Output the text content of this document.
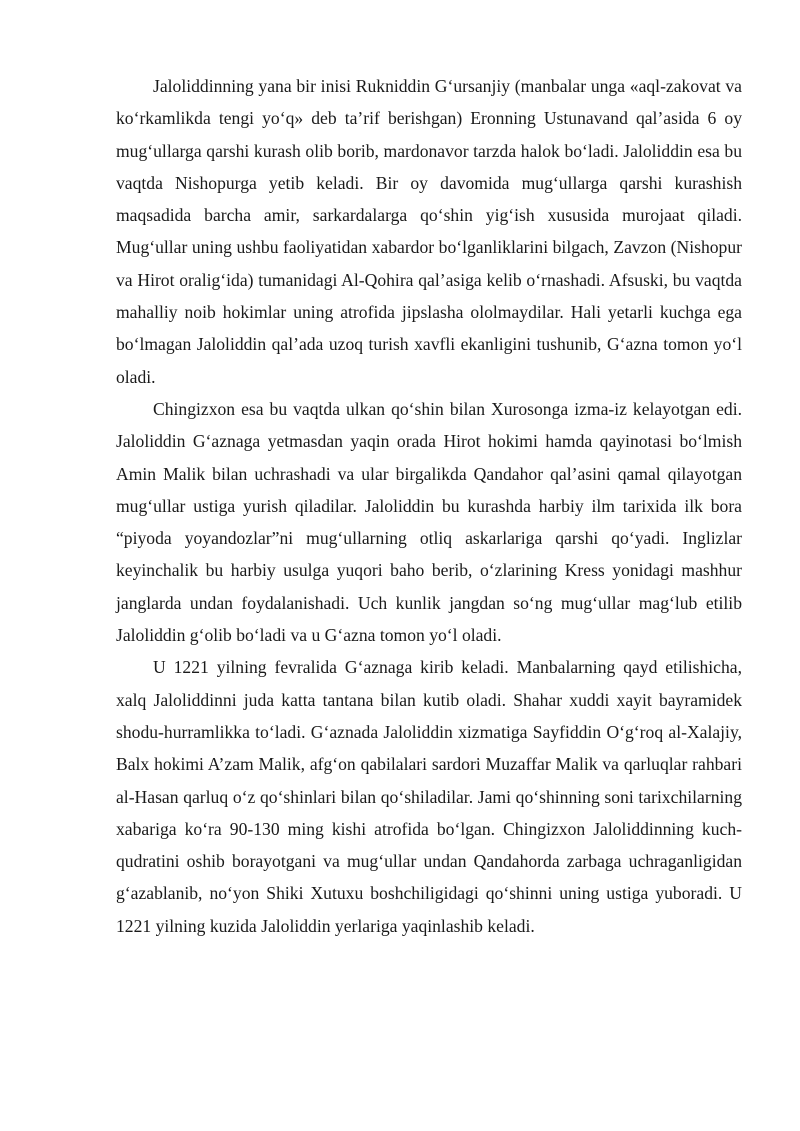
Jaloliddinning yana bir inisi Rukniddin G‘ursanjiy (manbalar unga «aql-zakovat va ko‘rkamlikda tengi yo‘q» deb ta’rif berishgan) Eronning Ustunavand qal’asida 6 oy mug‘ullarga qarshi kurash olib borib, mardonavor tarzda halok bo‘ladi. Jaloliddin esa bu vaqtda Nishopurga yetib keladi. Bir oy davomida mug‘ullarga qarshi kurashish maqsadida barcha amir, sarkardalarga qo‘shin yig‘ish xususida murojaat qiladi. Mug‘ullar uning ushbu faoliyatidan xabardor bo‘lganliklarini bilgach, Zavzon (Nishopur va Hirot oralig‘ida) tumanidagi Al-Qohira qal’asiga kelib o‘rnashadi. Afsuski, bu vaqtda mahalliy noib hokimlar uning atrofida jipslasha ololmaydilar. Hali yetarli kuchga ega bo‘lmagan Jaloliddin qal’ada uzoq turish xavfli ekanligini tushunib, G‘azna tomon yo‘l oladi.

Chingizxon esa bu vaqtda ulkan qo‘shin bilan Xurosonga izma-iz kelayotgan edi. Jaloliddin G‘aznaga yetmasdan yaqin orada Hirot hokimi hamda qayinotasi bo‘lmish Amin Malik bilan uchrashadi va ular birgalikda Qandahor qal’asini qamal qilayotgan mug‘ullar ustiga yurish qiladilar. Jaloliddin bu kurashda harbiy ilm tarixida ilk bora “piyoda yoyandozlar”ni mug‘ullarning otliq askarlariga qarshi qo‘yadi. Inglizlar keyinchalik bu harbiy usulga yuqori baho berib, o‘zlarining Kress yonidagi mashhur janglarda undan foydalanishadi. Uch kunlik jangdan so‘ng mug‘ullar mag‘lub etilib Jaloliddin g‘olib bo‘ladi va u G‘azna tomon yo‘l oladi.

U 1221 yilning fevralida G‘aznaga kirib keladi. Manbalarning qayd etilishicha, xalq Jaloliddinni juda katta tantana bilan kutib oladi. Shahar xuddi xayit bayramidek shodu-hurramlikka to‘ladi. G‘aznada Jaloliddin xizmatiga Sayfiddin O‘g‘roq al-Xalajiy, Balx hokimi A’zam Malik, afg‘on qabilalari sardori Muzaffar Malik va qarluqlar rahbari al-Hasan qarluq o‘z qo‘shinlari bilan qo‘shiladilar. Jami qo‘shinning soni tarixchilarning xabariga ko‘ra 90-130 ming kishi atrofida bo‘lgan. Chingizxon Jaloliddinning kuch-qudratini oshib borayotgani va mug‘ullar undan Qandahorda zarbaga uchraganligidan g‘azablanib, no‘yon Shiki Xutuxu boshchiligidagi qo‘shinni uning ustiga yuboradi. U 1221 yilning kuzida Jaloliddin yerlariga yaqinlashib keladi.
